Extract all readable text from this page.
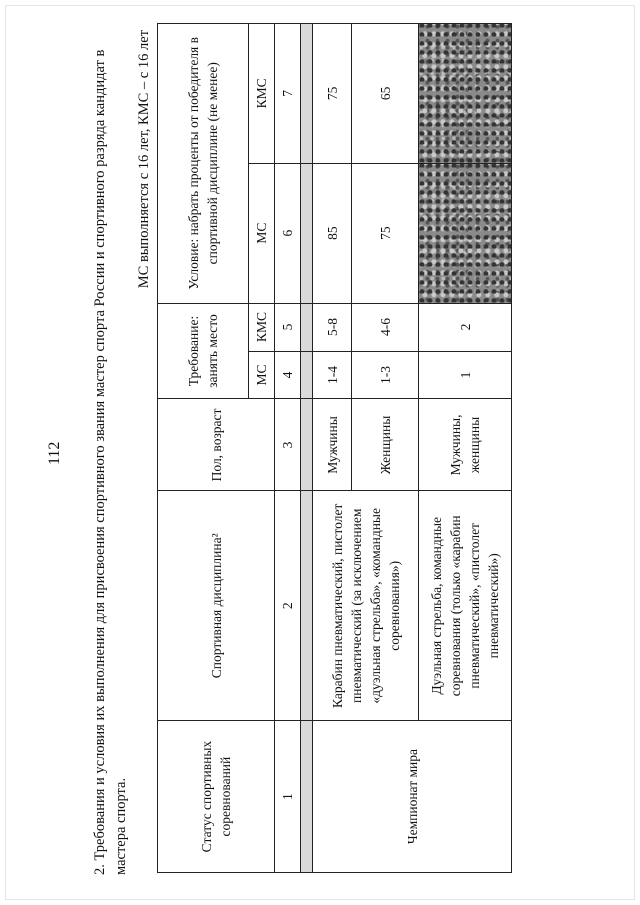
112 2. Требования и условия их выполнения для присвоения спортивного звания мастер спорта России и спортивного разряда кандидат в мастера спорта.
МС выполняется с 16 лет, КМС – с 16 лет
Статус спортивных соревнований	Спортивная дисциплина²	Пол, возраст	Требование: занять место		Условие: набрать проценты от победителя в спортивной дисциплине (не менее)	
			МС	КМС	МС	КМС
1	2	3	4	5	6	7

Чемпионат мира	Карабин пневматический, пистолет пневматический (за исключением «дуэльная стрельба», «командные соревнования»)	Мужчины	1-4	5-8	85	75
		Женщины	1-3	4-6	75	65
	Дуэльная стрельба, командные соревнования (только «карабин пневматический», «пистолет пневматический»)	Мужчины, женщины	1	2		
